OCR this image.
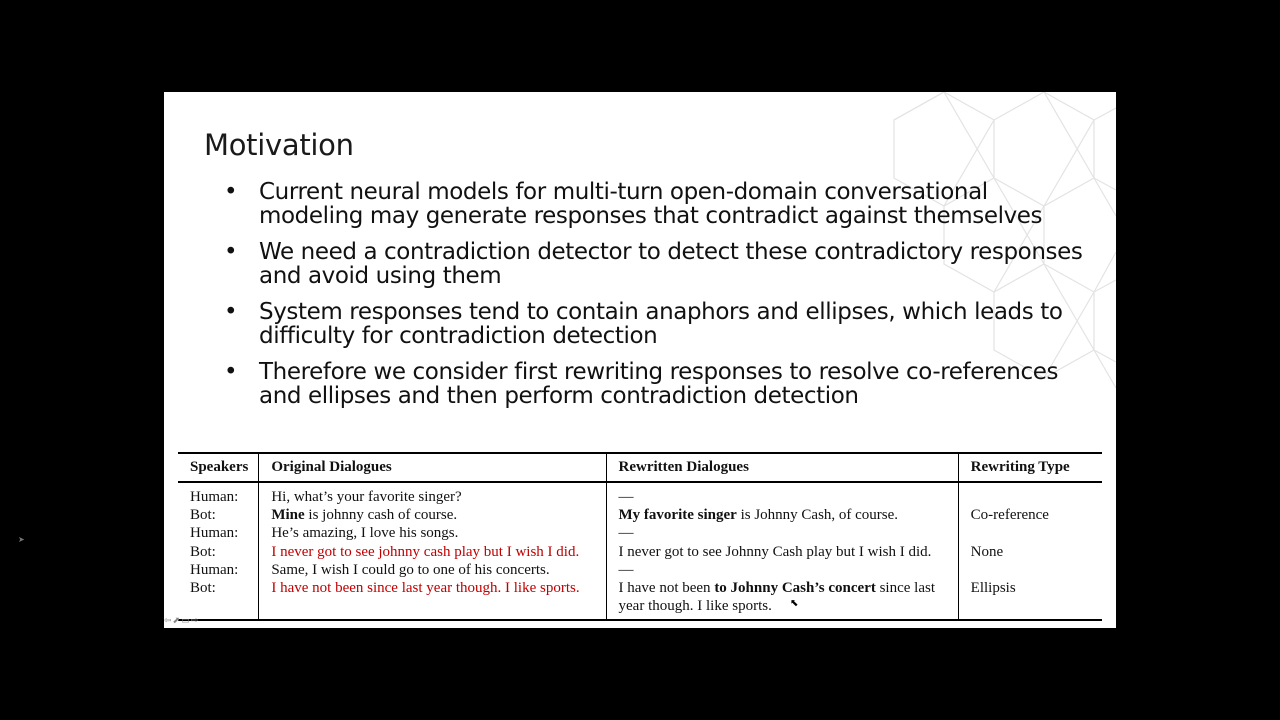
Motivation
• Current neural models for multi-turn open-domain conversational modeling may generate responses that contradict against themselves
• We need a contradiction detector to detect these contradictory responses and avoid using them
• System responses tend to contain anaphors and ellipses, which leads to difficulty for contradiction detection
• Therefore we consider first rewriting responses to resolve co-references and ellipses and then perform contradiction detection
Speakers	Original Dialogues	Rewritten Dialogues	Rewriting Type
Human:	Hi, what’s your favorite singer?	—	
Bot:	Mine is johnny cash of course.	My favorite singer is Johnny Cash, of course.	Co-reference
Human:	He’s amazing, I love his songs.	—	
Bot:	I never got to see johnny cash play but I wish I did.	I never got to see Johnny Cash play but I wish I did.	None
Human:	Same, I wish I could go to one of his concerts.	—	
Bot:	I have not been since last year though. I like sports.	I have not been to Johnny Cash’s concert since last year though. I like sports.	Ellipsis
⇦⬈▭⇨
➤
⬉
